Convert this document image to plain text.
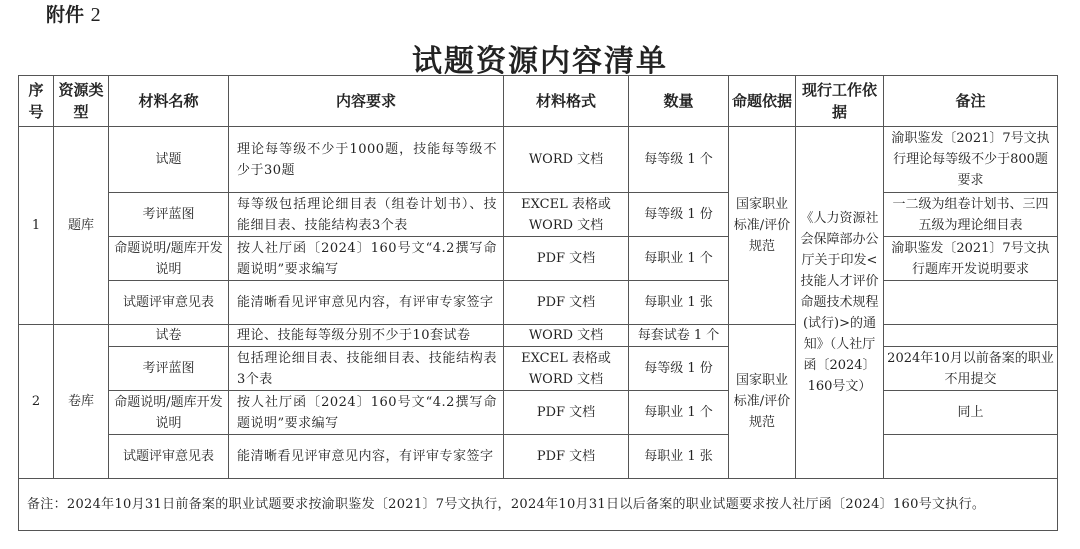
附件 2
试题资源内容清单
序号	资源类型	材料名称	内容要求	材料格式	数量	命题依据	现行工作依据	备注
1	题库	试题	理论每等级不少于1000题，技能每等级不少于30题	WORD 文档	每等级 1 个	国家职业标准/评价规范	《人力资源社会保障部办公厅关于印发<技能人才评价命题技术规程(试行)>的通知》（人社厅函〔2024〕160号文）	渝职鉴发〔2021〕7号文执行理论每等级不少于800题要求
		考评蓝图	每等级包括理论细目表（组卷计划书）、技能细目表、技能结构表3个表	EXCEL 表格或 WORD 文档	每等级 1 份			一二级为组卷计划书、三四五级为理论细目表
		命题说明/题库开发说明	按人社厅函〔2024〕160号文“4.2撰写命题说明”要求编写	PDF 文档	每职业 1 个			渝职鉴发〔2021〕7号文执行题库开发说明要求
		试题评审意见表	能清晰看见评审意见内容，有评审专家签字	PDF 文档	每职业 1 张			
2	卷库	试卷	理论、技能每等级分别不少于10套试卷	WORD 文档	每套试卷 1 个	国家职业标准/评价规范		
		考评蓝图	包括理论细目表、技能细目表、技能结构表3个表	EXCEL 表格或 WORD 文档	每等级 1 份			2024年10月以前备案的职业不用提交
		命题说明/题库开发说明	按人社厅函〔2024〕160号文“4.2撰写命题说明”要求编写	PDF 文档	每职业 1 个			同上
		试题评审意见表	能清晰看见评审意见内容，有评审专家签字	PDF 文档	每职业 1 张			
备注：2024年10月31日前备案的职业试题要求按渝职鉴发〔2021〕7号文执行，2024年10月31日以后备案的职业试题要求按人社厅函〔2024〕160号文执行。								
